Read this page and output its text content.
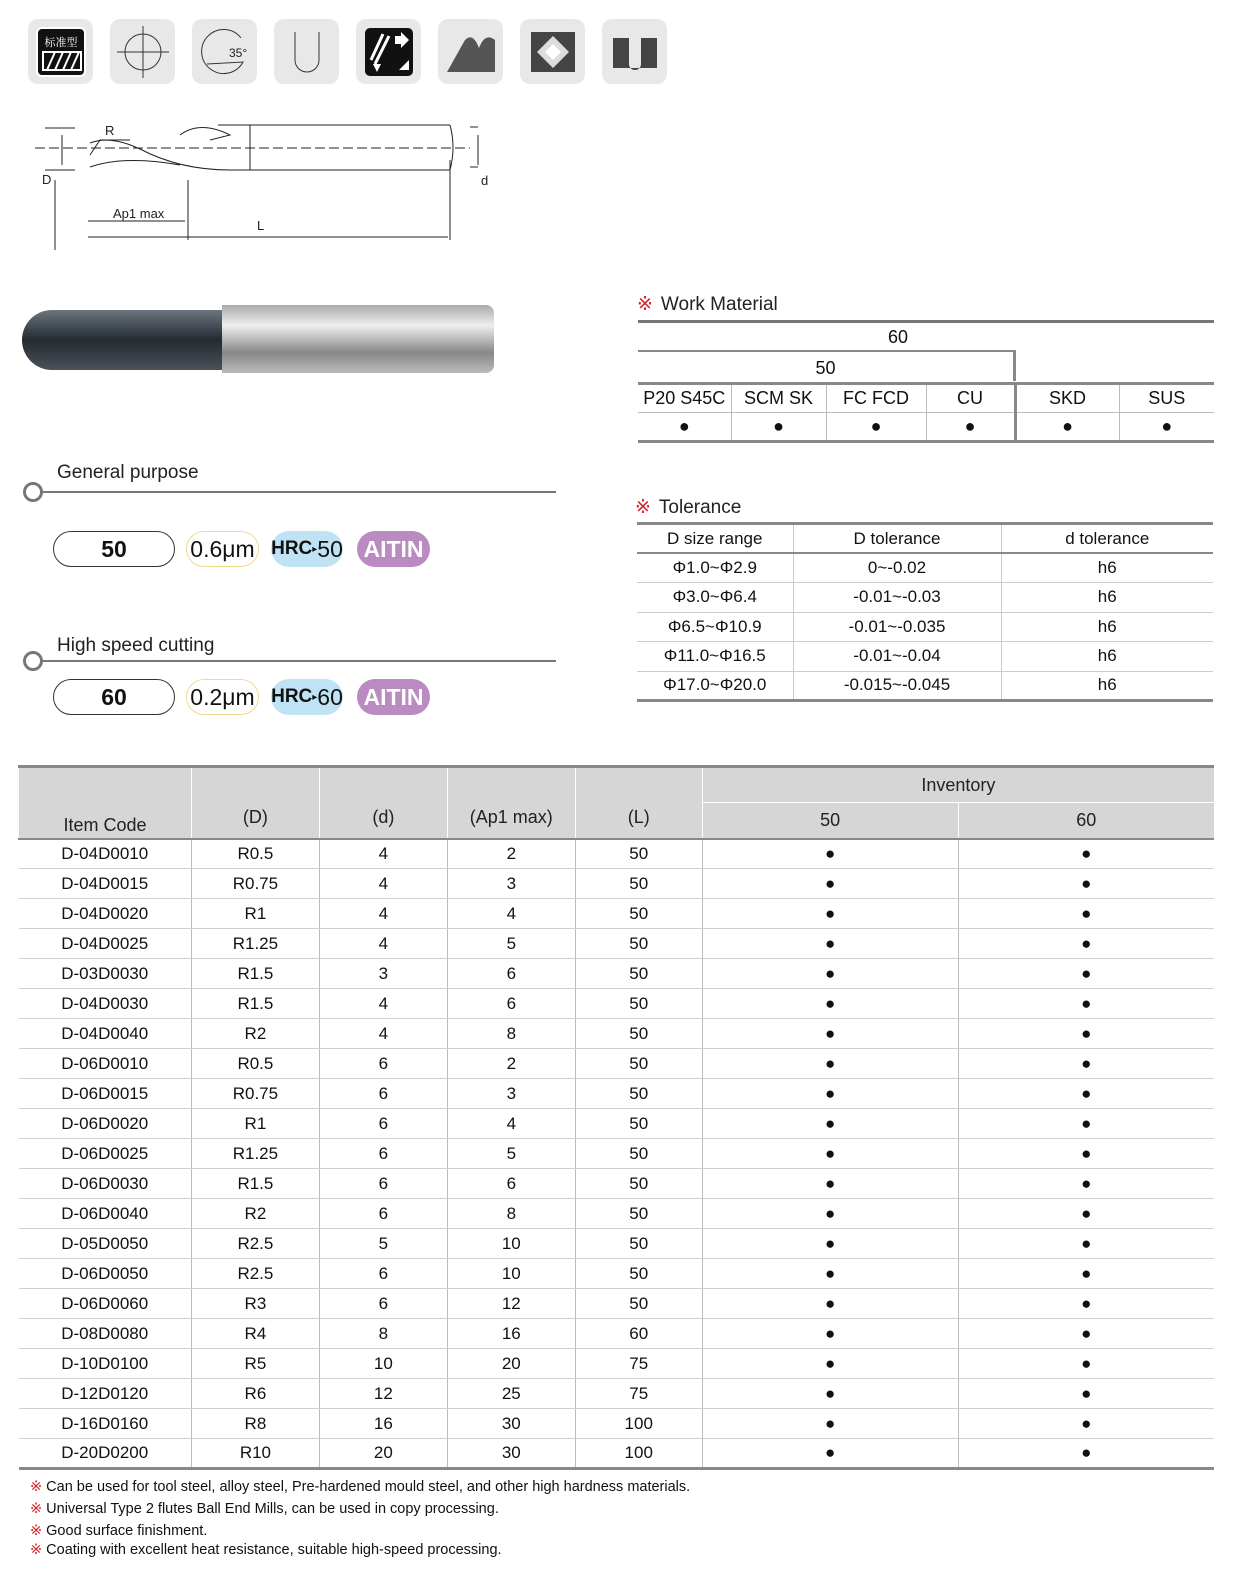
标准型
35°
R
D	d
Ap1 max
L
General purpose
50	0.6μm HRC ▸ 50 AITIN
High speed cutting
60	0.2μm HRC ▸ 60 AITIN
※ Work Material
60
50
P20 S45C	SCM SK	FC FCD	CU	SKD	SUS
●	●	●	●	●	●
※ Tolerance
D size range	D tolerance	d tolerance
Φ1.0~Φ2.9	0~-0.02	h6
Φ3.0~Φ6.4	-0.01~-0.03	h6
Φ6.5~Φ10.9	-0.01~-0.035	h6
Φ11.0~Φ16.5	-0.01~-0.04	h6
Φ17.0~Φ20.0	-0.015~-0.045	h6
Item Code	(D)	(d)	(Ap1 max)	(L)	Inventory	
					50	60
D-04D0010	R0.5	4	2	50	●	●
D-04D0015	R0.75	4	3	50	●	●
D-04D0020	R1	4	4	50	●	●
D-04D0025	R1.25	4	5	50	●	●
D-03D0030	R1.5	3	6	50	●	●
D-04D0030	R1.5	4	6	50	●	●
D-04D0040	R2	4	8	50	●	●
D-06D0010	R0.5	6	2	50	●	●
D-06D0015	R0.75	6	3	50	●	●
D-06D0020	R1	6	4	50	●	●
D-06D0025	R1.25	6	5	50	●	●
D-06D0030	R1.5	6	6	50	●	●
D-06D0040	R2	6	8	50	●	●
D-05D0050	R2.5	5	10	50	●	●
D-06D0050	R2.5	6	10	50	●	●
D-06D0060	R3	6	12	50	●	●
D-08D0080	R4	8	16	60	●	●
D-10D0100	R5	10	20	75	●	●
D-12D0120	R6	12	25	75	●	●
D-16D0160	R8	16	30	100	●	●
D-20D0200	R10	20	30	100	●	●
※ Can be used for tool steel, alloy steel, Pre-hardened mould steel, and other high hardness materials.
※ Universal Type 2 flutes Ball End Mills, can be used in copy processing.
※ Good surface finishment.
※ Coating with excellent heat resistance, suitable high-speed processing.
